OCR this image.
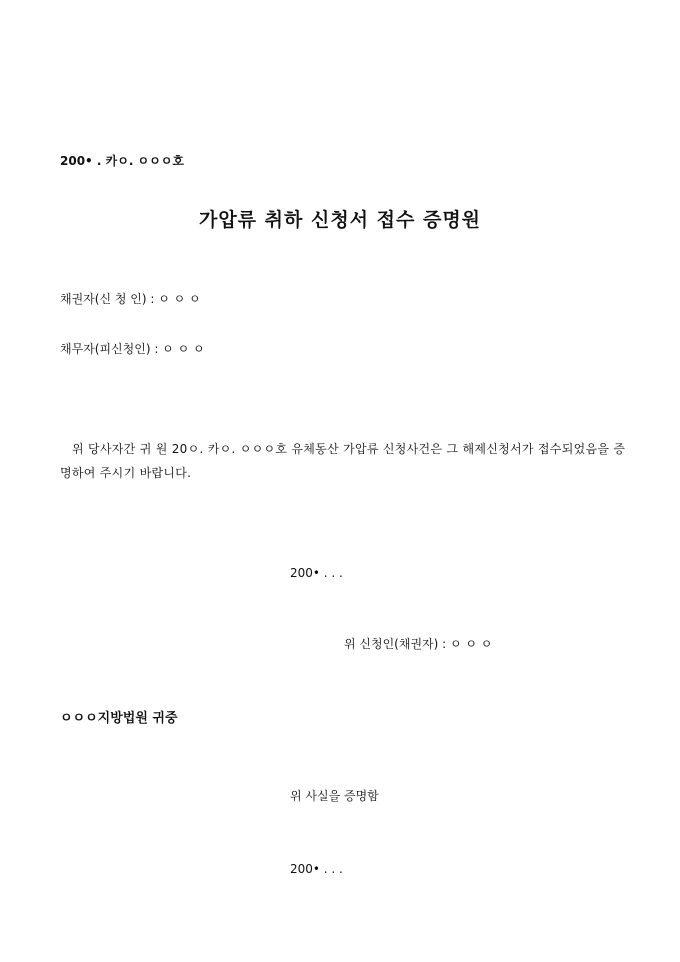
200• . 카ㅇ. ㅇㅇㅇ호
가압류 취하 신청서 접수 증명원
채권자(신 청 인) : ㅇ ㅇ ㅇ
채무자(피신청인) : ㅇ ㅇ ㅇ
위 당사자간 귀 원 20ㅇ. 카ㅇ. ㅇㅇㅇ호 유체동산 가압류 신청사건은 그 해제신청서가 접수되었음을 증명하여 주시기 바랍니다.
200• . . .
위 신청인(채권자) : ㅇ ㅇ ㅇ
ㅇㅇㅇ지방법원 귀중
위 사실을 증명함
200• . . .
